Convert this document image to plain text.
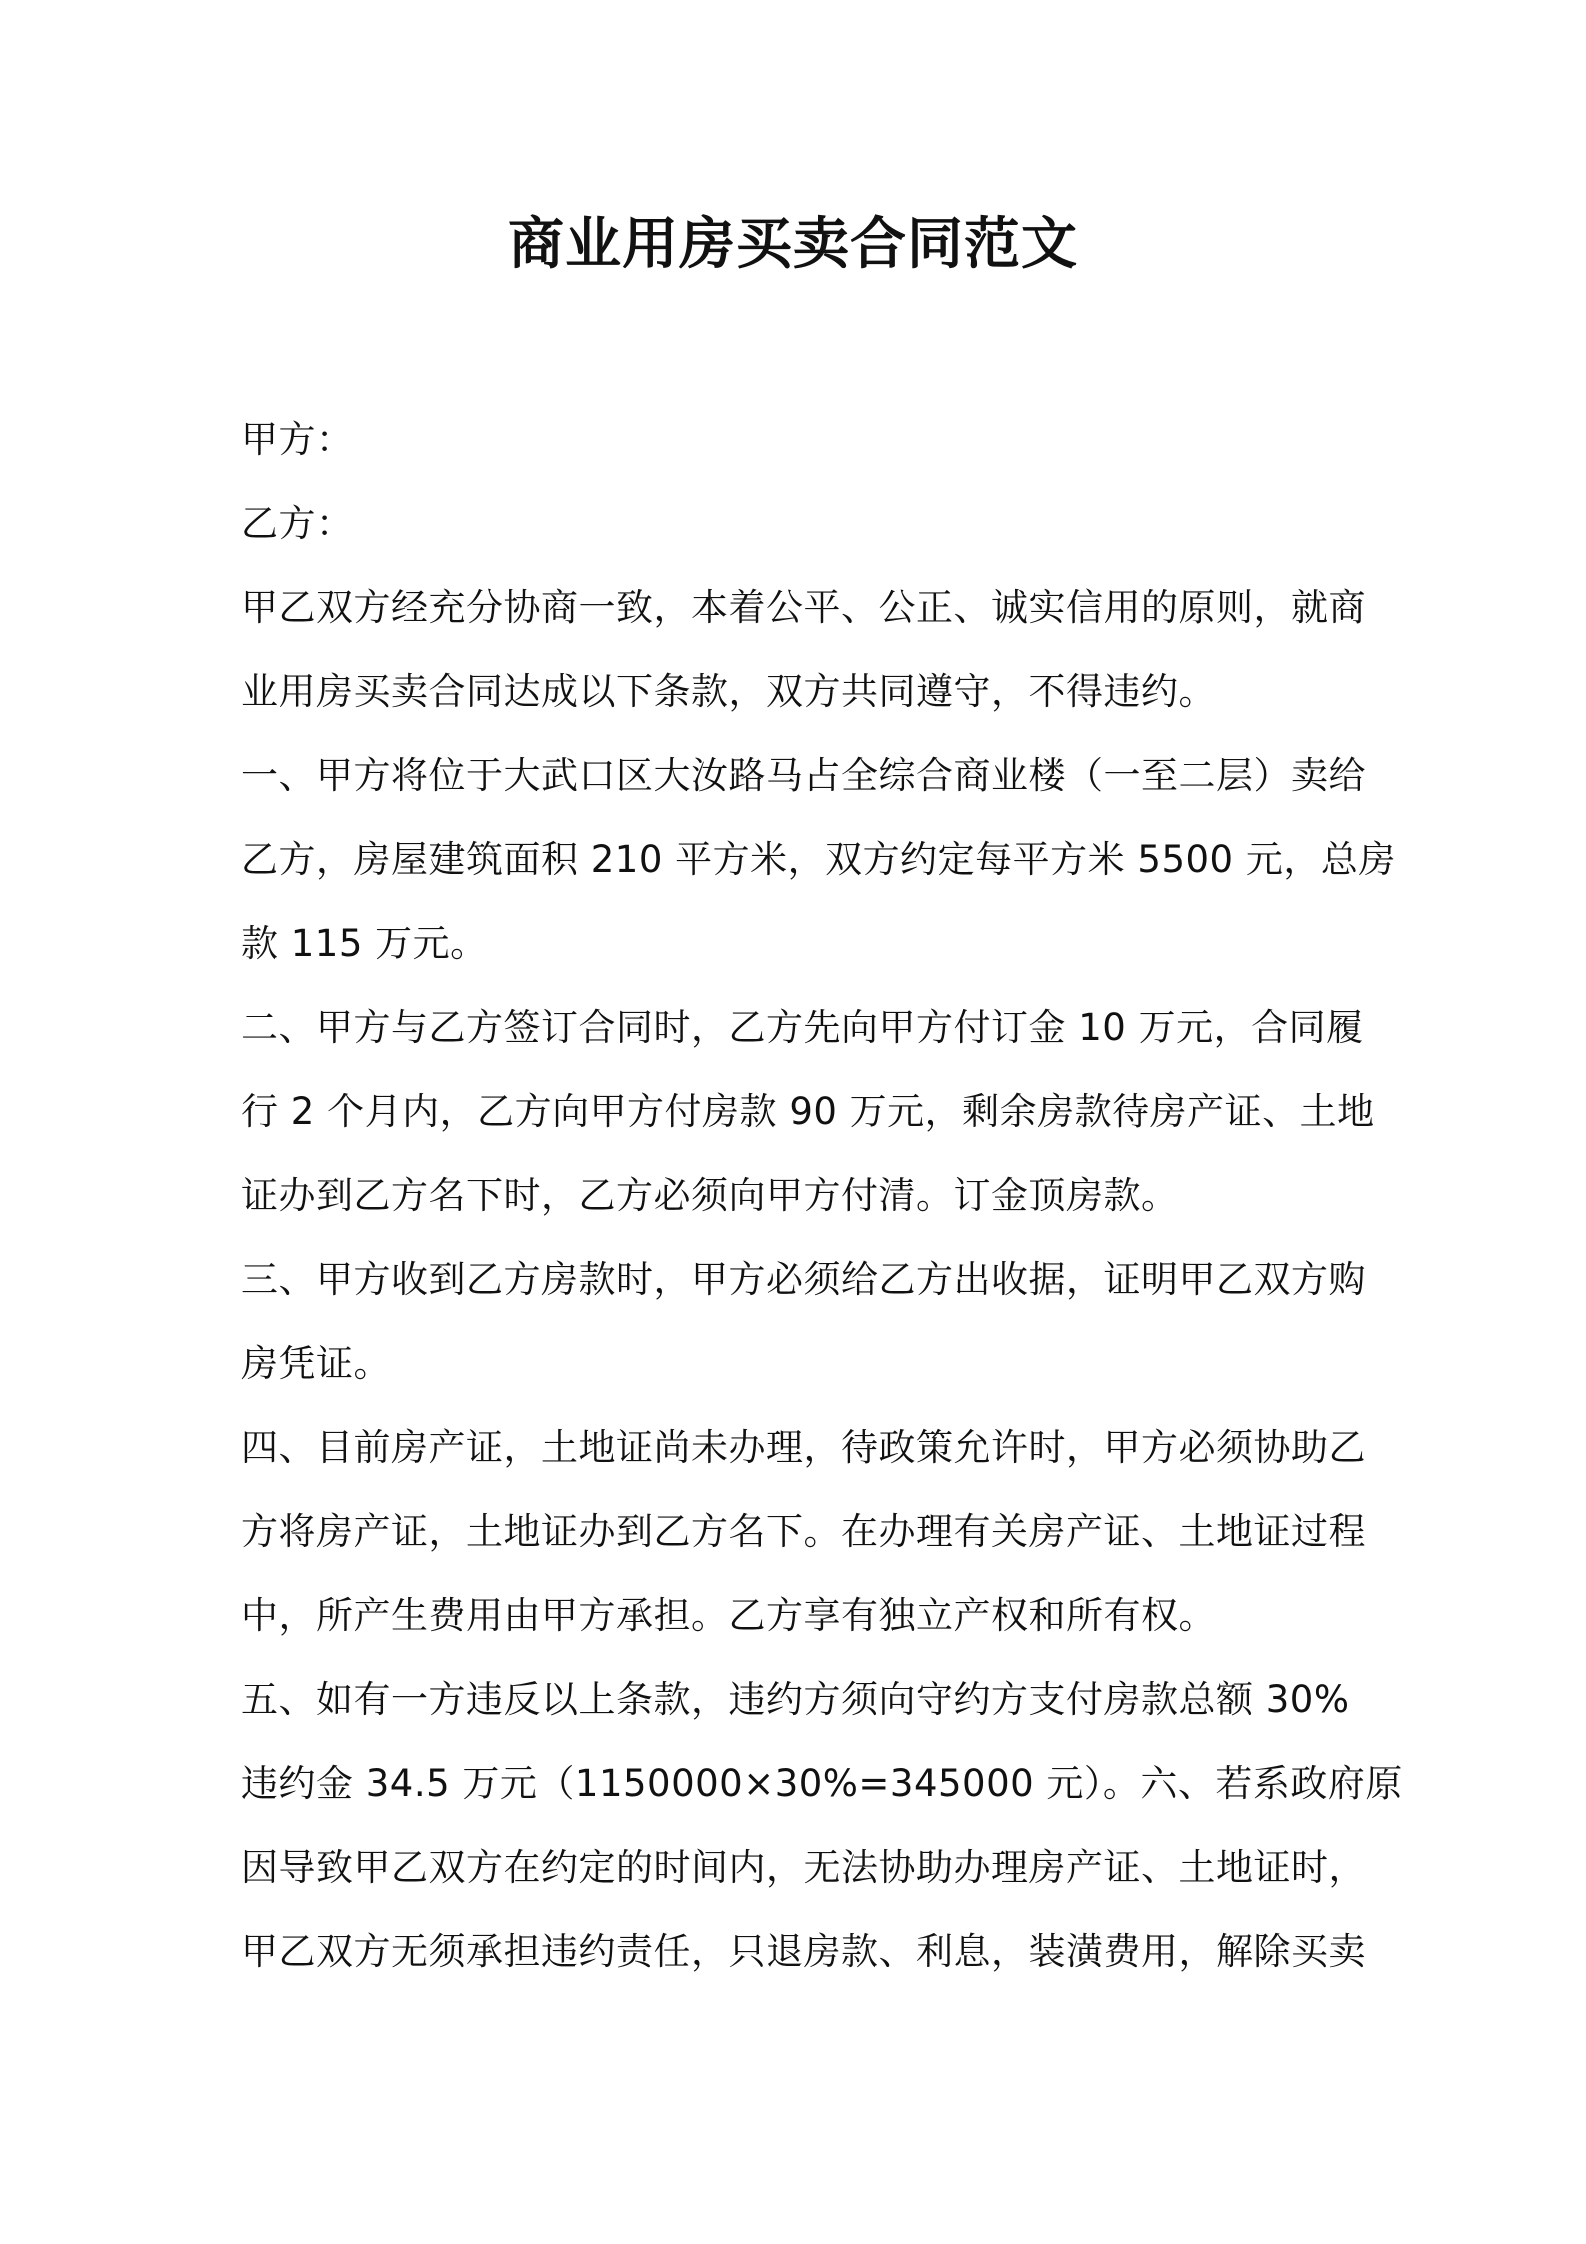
商业用房买卖合同范文
甲方：
乙方：
甲乙双方经充分协商一致，本着公平、公正、诚实信用的原则，就商
业用房买卖合同达成以下条款，双方共同遵守，不得违约。
一、甲方将位于大武口区大汝路马占全综合商业楼（一至二层）卖给
乙方，房屋建筑面积 210 平方米，双方约定每平方米 5500 元，总房
款 115 万元。
二、甲方与乙方签订合同时，乙方先向甲方付订金 10 万元，合同履
行 2 个月内，乙方向甲方付房款 90 万元，剩余房款待房产证、土地
证办到乙方名下时，乙方必须向甲方付清。订金顶房款。
三、甲方收到乙方房款时，甲方必须给乙方出收据，证明甲乙双方购
房凭证。
四、目前房产证，土地证尚未办理，待政策允许时，甲方必须协助乙
方将房产证，土地证办到乙方名下。在办理有关房产证、土地证过程
中，所产生费用由甲方承担。乙方享有独立产权和所有权。
五、如有一方违反以上条款，违约方须向守约方支付房款总额 30%
违约金 34.5 万元（1150000×30%=345000 元）。六、若系政府原
因导致甲乙双方在约定的时间内，无法协助办理房产证、土地证时，
甲乙双方无须承担违约责任，只退房款、利息，装潢费用，解除买卖
